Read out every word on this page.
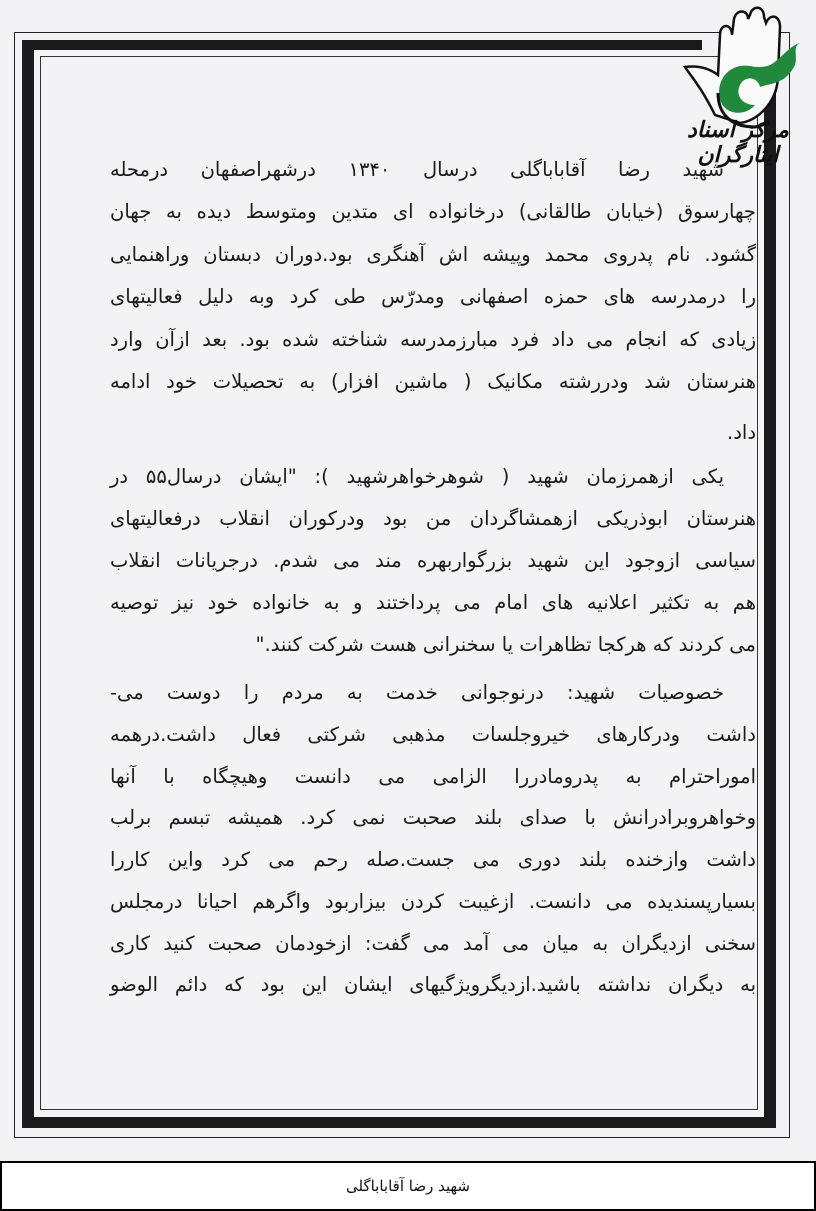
مرکز اسناد ایثارگران
شهید رضا آقاباباگلی درسال ۱۳۴۰ درشهراصفهان درمحله
چهارسوق (خیابان طالقانی) درخانواده ای متدین ومتوسط دیده به جهان
گشود. نام پدروی محمد وپیشه اش آهنگری بود.دوران دبستان وراهنمایی
را درمدرسه های حمزه اصفهانی ومدرّس طی کرد وبه دلیل فعالیتهای
زیادی که انجام می داد فرد مبارزمدرسه شناخته شده بود. بعد ازآن وارد
هنرستان شد ودررشته مکانیک ( ماشین افزار) به تحصیلات خود ادامه
داد.
یکی ازهمرزمان شهید ( شوهرخواهرشهید ): "ایشان درسال۵۵ در
هنرستان ابوذریکی ازهمشاگردان من بود ودرکوران انقلاب درفعالیتهای
سیاسی ازوجود این شهید بزرگواربهره مند می شدم. درجریانات انقلاب
هم به تکثیر اعلانیه های امام می پرداختند و به خانواده خود نیز توصیه
می کردند که هرکجا تظاهرات یا سخنرانی هست شرکت کنند."
خصوصیات شهید: درنوجوانی خدمت به مردم را دوست می-
داشت ودرکارهای خیروجلسات مذهبی شرکتی فعال داشت.درهمه
اموراحترام به پدرومادررا الزامی می دانست وهیچگاه با آنها
وخواهروبرادرانش با صدای بلند صحبت نمی کرد. همیشه تبسم برلب
داشت وازخنده بلند دوری می جست.صله رحم می کرد واین کاررا
بسیارپسندیده می دانست. ازغیبت کردن بیزاربود واگرهم احیانا درمجلس
سخنی ازدیگران به میان می آمد می گفت: ازخودمان صحبت کنید کاری
به دیگران نداشته باشید.ازدیگرویژگیهای ایشان این بود که دائم الوضو
شهید رضا آقاباباگلی
